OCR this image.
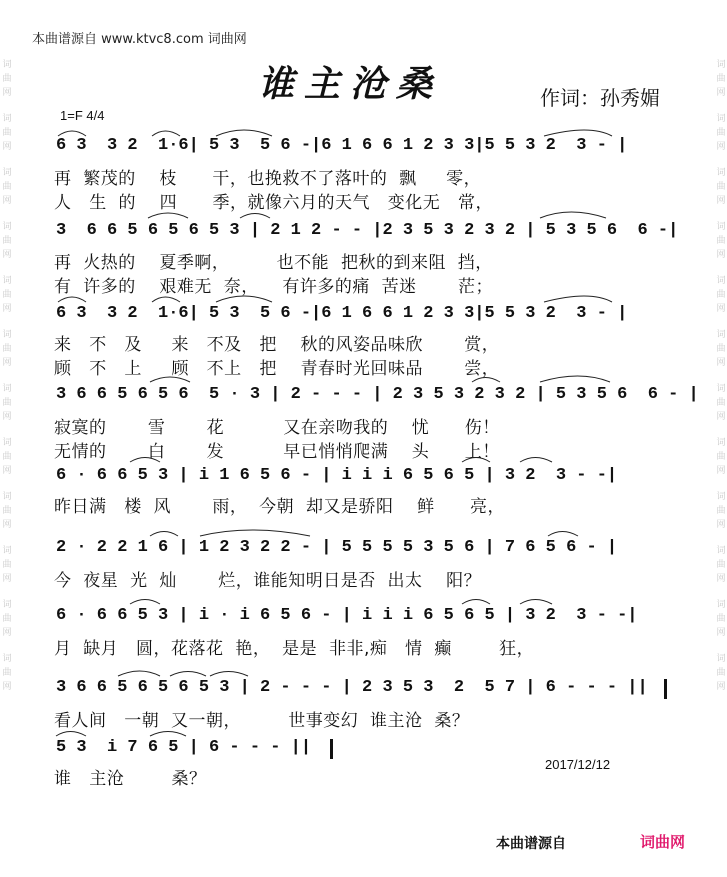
本曲谱源自 www.ktvc8.com 词曲网

词
曲
网
词
曲
网
词
曲
网
词
曲
网
词
曲
网
词
曲
网
词
曲
网
词
曲
网
词
曲
网
词
曲
网
词
曲
网
词
曲
网

词
曲
网
词
曲
网
词
曲
网
词
曲
网
词
曲
网
词
曲
网
词
曲
网
词
曲
网
词
曲
网
词
曲
网
词
曲
网
词
曲
网

谁主沧桑	作词：孙秀媚
1=F 4/4
6 3  3 2  1·6| 5 3  5 6 -|6 1 6 6 1 2 3 3|5 5 3 2  3 - |
再  繁茂的    枝      干，也挽救不了落叶的  飘     零，
人   生  的    四      季，就像六月的天气   变化无   常，
3  6 6 5 6 5 6 5 3 | 2 1 2 - - |2 3 5 3 2 3 2 | 5 3 5 6  6 -|
再  火热的    夏季啊，        也不能  把秋的到来阻  挡，
有  许多的    艰难无  奈，    有许多的痛  苦迷       茫；
6 3  3 2  1·6| 5 3  5 6 -|6 1 6 6 1 2 3 3|5 5 3 2  3 - |
来   不   及     来   不及   把    秋的风姿品味欣       赏，
顾   不   上     顾   不上   把    青春时光回味品       尝，
3 6 6 5 6 5 6  5 · 3 | 2 - - - | 2 3 5 3 2 3 2 | 5 3 5 6  6 - |
寂寞的       雪       花          又在亲吻我的    忧      伤！
无情的       白       发          早已悄悄爬满    头      上！
6 · 6 6 5 3 | i 1 6 5 6 - | i i i 6 5 6 5 | 3 2  3 - -|
昨日满   楼  风       雨，  今朝  却又是骄阳    鲜      亮，
2 · 2 2 1 6 | 1 2 3 2 2 - | 5 5 5 5 3 5 6 | 7 6 5 6 - |
今  夜星  光  灿       烂，谁能知明日是否  出太    阳？
6 · 6 6 5 3 | i · i 6 5 6 - | i i i 6 5 6 5 | 3 2  3 - -|
月  缺月   圆，花落花  艳，  是是  非非,痴   情  癫        狂，
3 6 6 5 6 5 6 5 3 | 2 - - - | 2 3 5 3  2  5 7 | 6 - - - ||
看人间   一朝  又一朝，        世事变幻  谁主沧  桑？
5 3  i 7 6 5 | 6 - - - ||
谁   主沧        桑？
2017/12/12
本曲谱源自	词曲网
